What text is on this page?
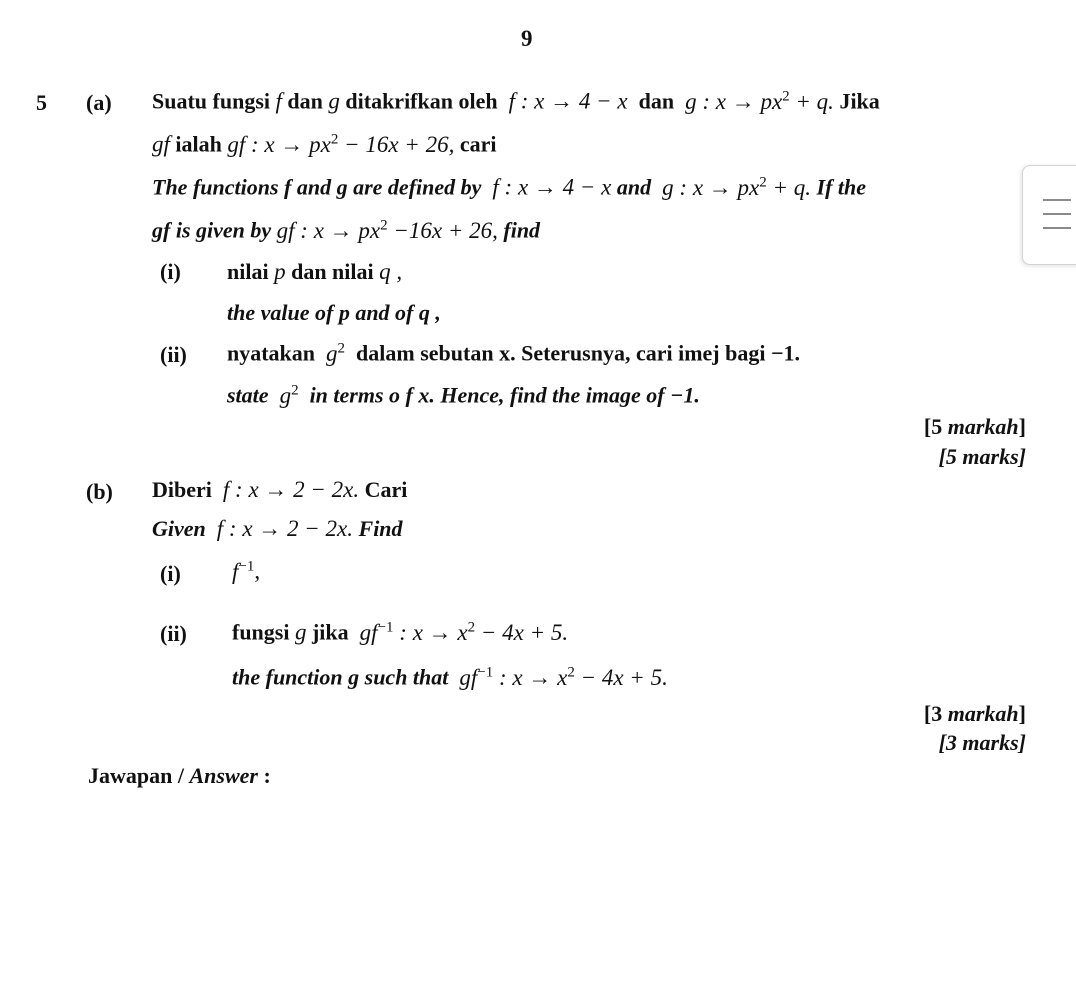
9
5 (a) Suatu fungsi f dan g ditakrifkan oleh f : x → 4 − x dan g : $x \to px^2 + q$. Jika
gf ialah gf : $x \to px^2 - 16x + 26$, cari
The functions f and g are defined by f : x → 4 − x and g : $x \to px^2 + q$. If the
gf is given by gf : $x \to px^2 -16x + 26$, find
(i) nilai p dan nilai q ,
the value of p and of q ,
(ii) nyatakan $g^2$ dalam sebutan x. Seterusnya, cari imej bagi −1.
state $g^2$ in terms o f x. Hence, find the image of −1.
[5 markah]
[5 marks]
(b) Diberi f : x → 2 − 2x. Cari
Given f : x → 2 − 2x. Find
(i) $f^{-1}$,
(ii) fungsi g jika $gf^{-1}$ : $x \to x^2 - 4x + 5$.
the function g such that $gf^{-1}$ : $x \to x^2 - 4x + 5$.
[3 markah]
[3 marks]
Jawapan / Answer :
